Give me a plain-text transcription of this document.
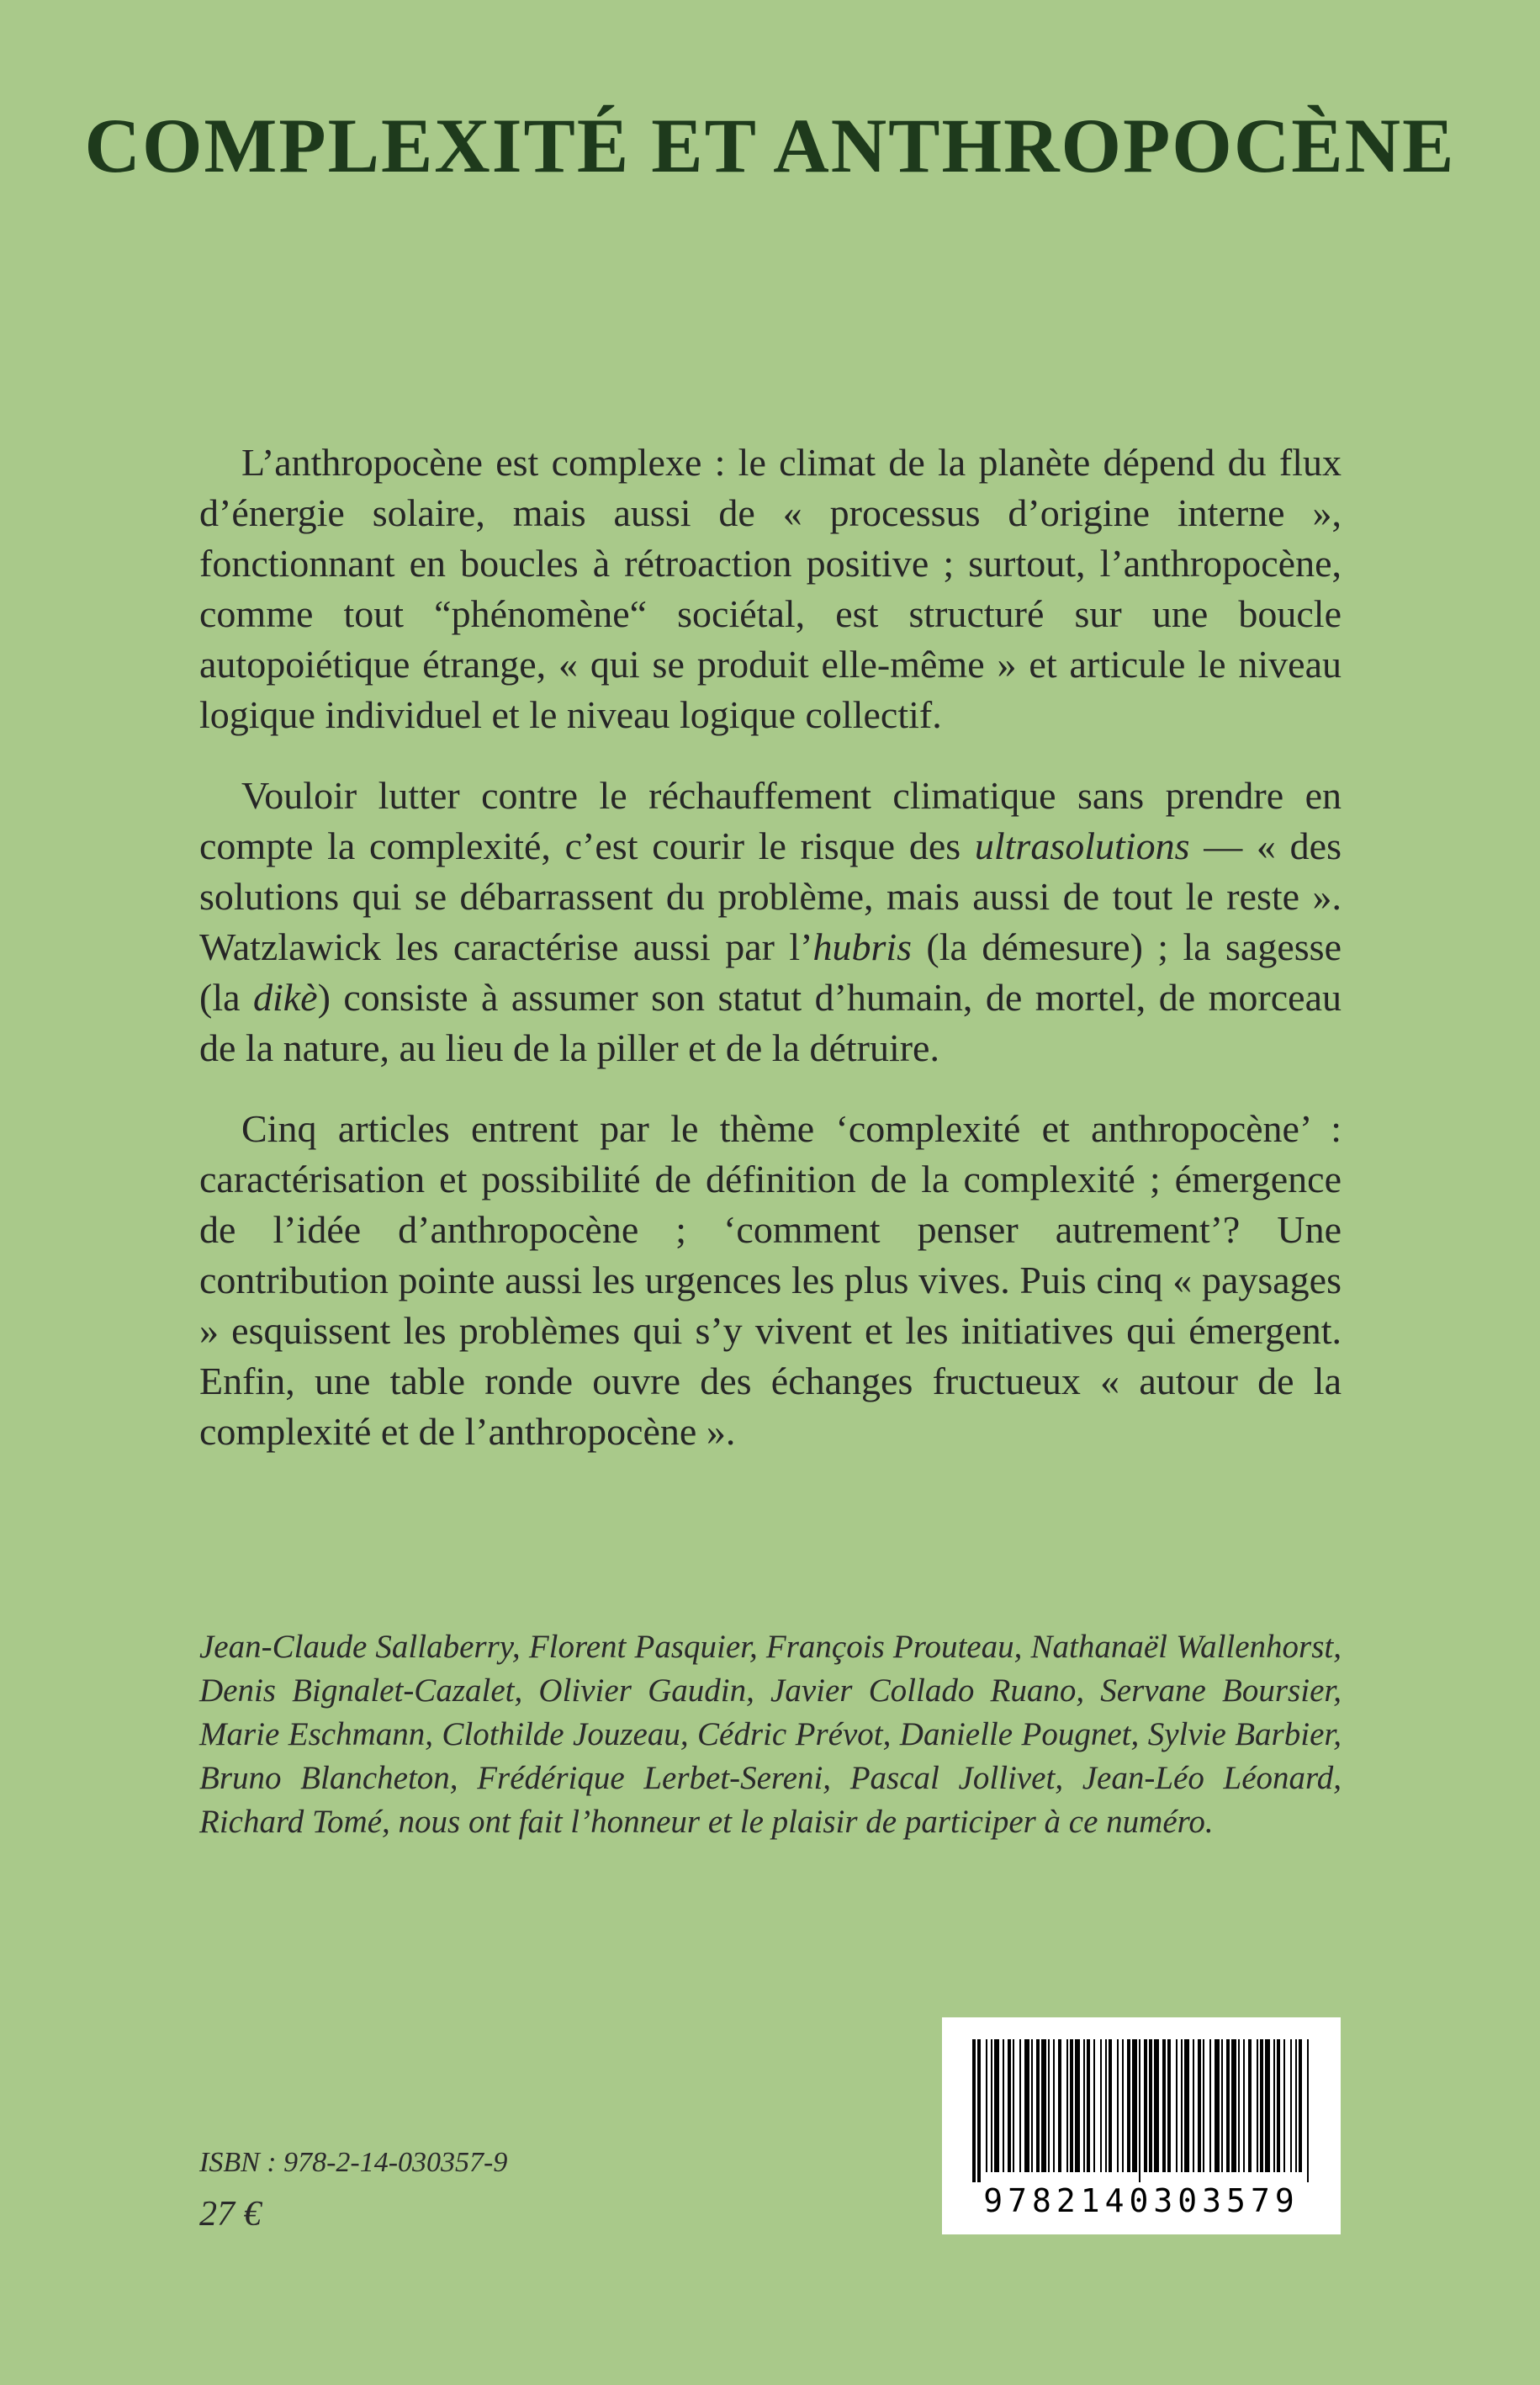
COMPLEXITÉ ET ANTHROPOCÈNE

L’anthropocène est complexe : le climat de la planète dépend du flux d’énergie solaire, mais aussi de « processus d’origine interne », fonctionnant en boucles à rétroaction positive ; surtout, l’anthropocène, comme tout “phénomène“ sociétal, est structuré sur une boucle autopoiétique étrange, « qui se produit elle-même » et articule le niveau logique individuel et le niveau logique collectif.

Vouloir lutter contre le réchauffement climatique sans prendre en compte la complexité, c’est courir le risque des ultrasolutions — « des solutions qui se débarrassent du problème, mais aussi de tout le reste ». Watzlawick les caractérise aussi par l’hubris (la démesure) ; la sagesse (la dikè) consiste à assumer son statut d’humain, de mortel, de morceau de la nature, au lieu de la piller et de la détruire.

Cinq articles entrent par le thème ‘complexité et anthropocène’ : caractérisation et possibilité de définition de la complexité ; émergence de l’idée d’anthropocène ; ‘comment penser autrement’? Une contribution pointe aussi les urgences les plus vives. Puis cinq « paysages » esquissent les problèmes qui s’y vivent et les initiatives qui émergent. Enfin, une table ronde ouvre des échanges fructueux « autour de la complexité et de l’anthropocène ».

Jean-Claude Sallaberry, Florent Pasquier, François Prouteau, Nathanaël Wallenhorst, Denis Bignalet-Cazalet, Olivier Gaudin, Javier Collado Ruano, Servane Boursier, Marie Eschmann, Clothilde Jouzeau, Cédric Prévot, Danielle Pougnet, Sylvie Barbier, Bruno Blancheton, Frédérique Lerbet-Sereni, Pascal Jollivet, Jean-Léo Léonard, Richard Tomé, nous ont fait l’honneur et le plaisir de participer à ce numéro.

ISBN : 978-2-14-030357-9
27 €	9782140303579
